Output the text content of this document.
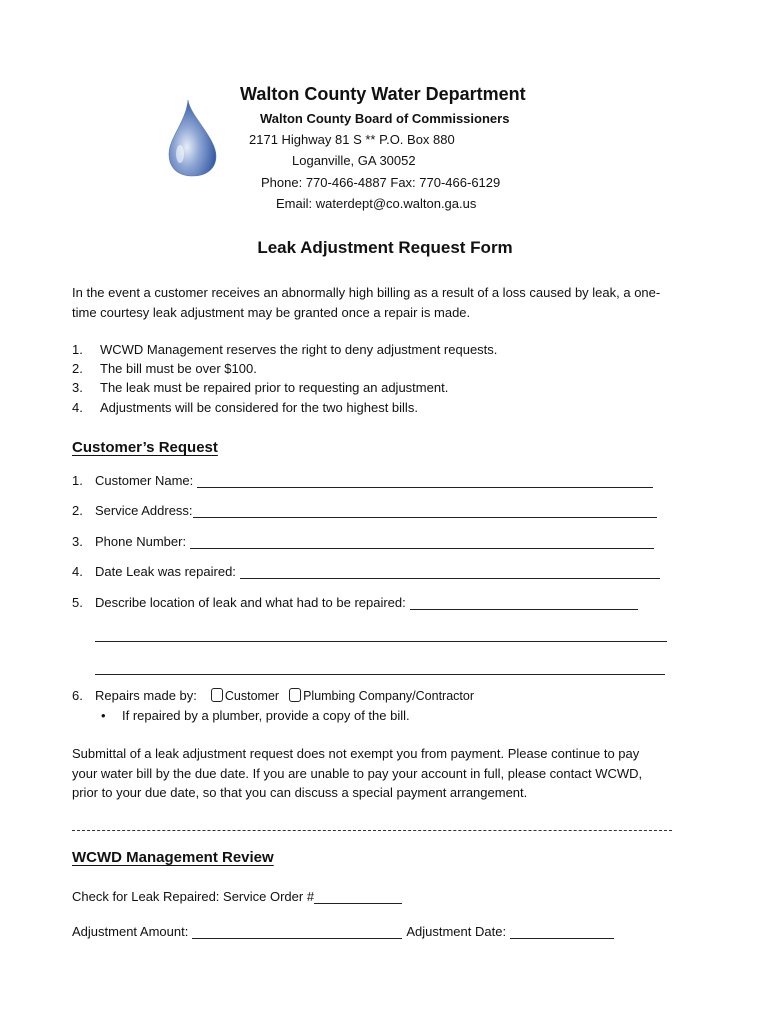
Walton County Water Department
Walton County Board of Commissioners
2171 Highway 81 S ** P.O. Box 880
Loganville, GA 30052
Phone: 770-466-4887 Fax: 770-466-6129
Email: waterdept@co.walton.ga.us
Leak Adjustment Request Form
In the event a customer receives an abnormally high billing as a result of a loss caused by leak, a one-
time courtesy leak adjustment may be granted once a repair is made.
1. WCWD Management reserves the right to deny adjustment requests.
2. The bill must be over $100.
3. The leak must be repaired prior to requesting an adjustment.
4. Adjustments will be considered for the two highest bills.
Customer’s Request
1. Customer Name:
2. Service Address:
3. Phone Number:
4. Date Leak was repaired:
5. Describe location of leak and what had to be repaired:
6. Repairs made by: Customer Plumbing Company/Contractor
• If repaired by a plumber, provide a copy of the bill.
Submittal of a leak adjustment request does not exempt you from payment. Please continue to pay
your water bill by the due date. If you are unable to pay your account in full, please contact WCWD,
prior to your due date, so that you can discuss a special payment arrangement.
WCWD Management Review
Check for Leak Repaired: Service Order #
Adjustment Amount:	Adjustment Date:
